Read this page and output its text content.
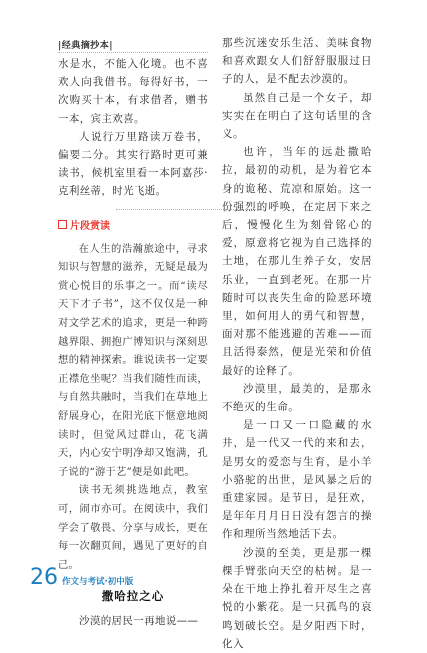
|经典摘抄本|

水是水，不能入化境。也不喜欢人向我借书。每得好书，一次购买十本，有求借者，赠书一本，宾主欢喜。

人说行万里路读万卷书，偏要二分。其实行路时更可兼读书，候机室里看一本阿嘉莎·克利丝蒂，时光飞逝。

片段赏读

在人生的浩瀚旅途中，寻求知识与智慧的滋养，无疑是最为赏心悦目的乐事之一。而“读尽天下才子书”，这不仅仅是一种对文学艺术的追求，更是一种跨越界限、拥抱广博知识与深刻思想的精神探索。谁说读书一定要正襟危坐呢？当我们随性而读，与自然共融时，当我们在草地上舒展身心，在阳光底下惬意地阅读时，但觉风过群山，花飞满天，内心安宁明净却又饱满，孔子说的“游于艺”便是如此吧。

读书无须挑选地点，教室可，闹市亦可。在阅读中，我们学会了敬畏、分享与成长，更在每一次翻页间，遇见了更好的自己。

撒哈拉之心

沙漠的居民一再地说——

那些沉迷安乐生活、美味食物和喜欢跟女人们舒舒服服过日子的人，是不配去沙漠的。

虽然自己是一个女子，却实实在在明白了这句话里的含义。

也许，当年的远赴撒哈拉，最初的动机，是为着它本身的诡秘、荒凉和原始。这一份强烈的呼唤，在定居下来之后，慢慢化生为刻骨铭心的爱，原意将它视为自己选择的土地，在那儿生养子女，安居乐业，一直到老死。在那一片随时可以丧失生命的险恶环境里，如何用人的勇气和智慧，面对那不能逃避的苦难——而且活得泰然，便是光荣和价值最好的诠释了。

沙漠里，最美的，是那永不绝灭的生命。

是一口又一口隐藏的水井，是一代又一代的来和去，是男女的爱恋与生育，是小羊小骆驼的出世，是风暴之后的重建家园。是节日，是狂欢，是年年月月日日没有怨言的操作和理所当然地活下去。

沙漠的至美，更是那一棵棵手臂张向天空的枯树。是一朵在干地上挣扎着开尽生之喜悦的小紫花。是一只孤鸟的哀鸣划破长空。是夕阳西下时，化入

26 作文与考试·初中版
